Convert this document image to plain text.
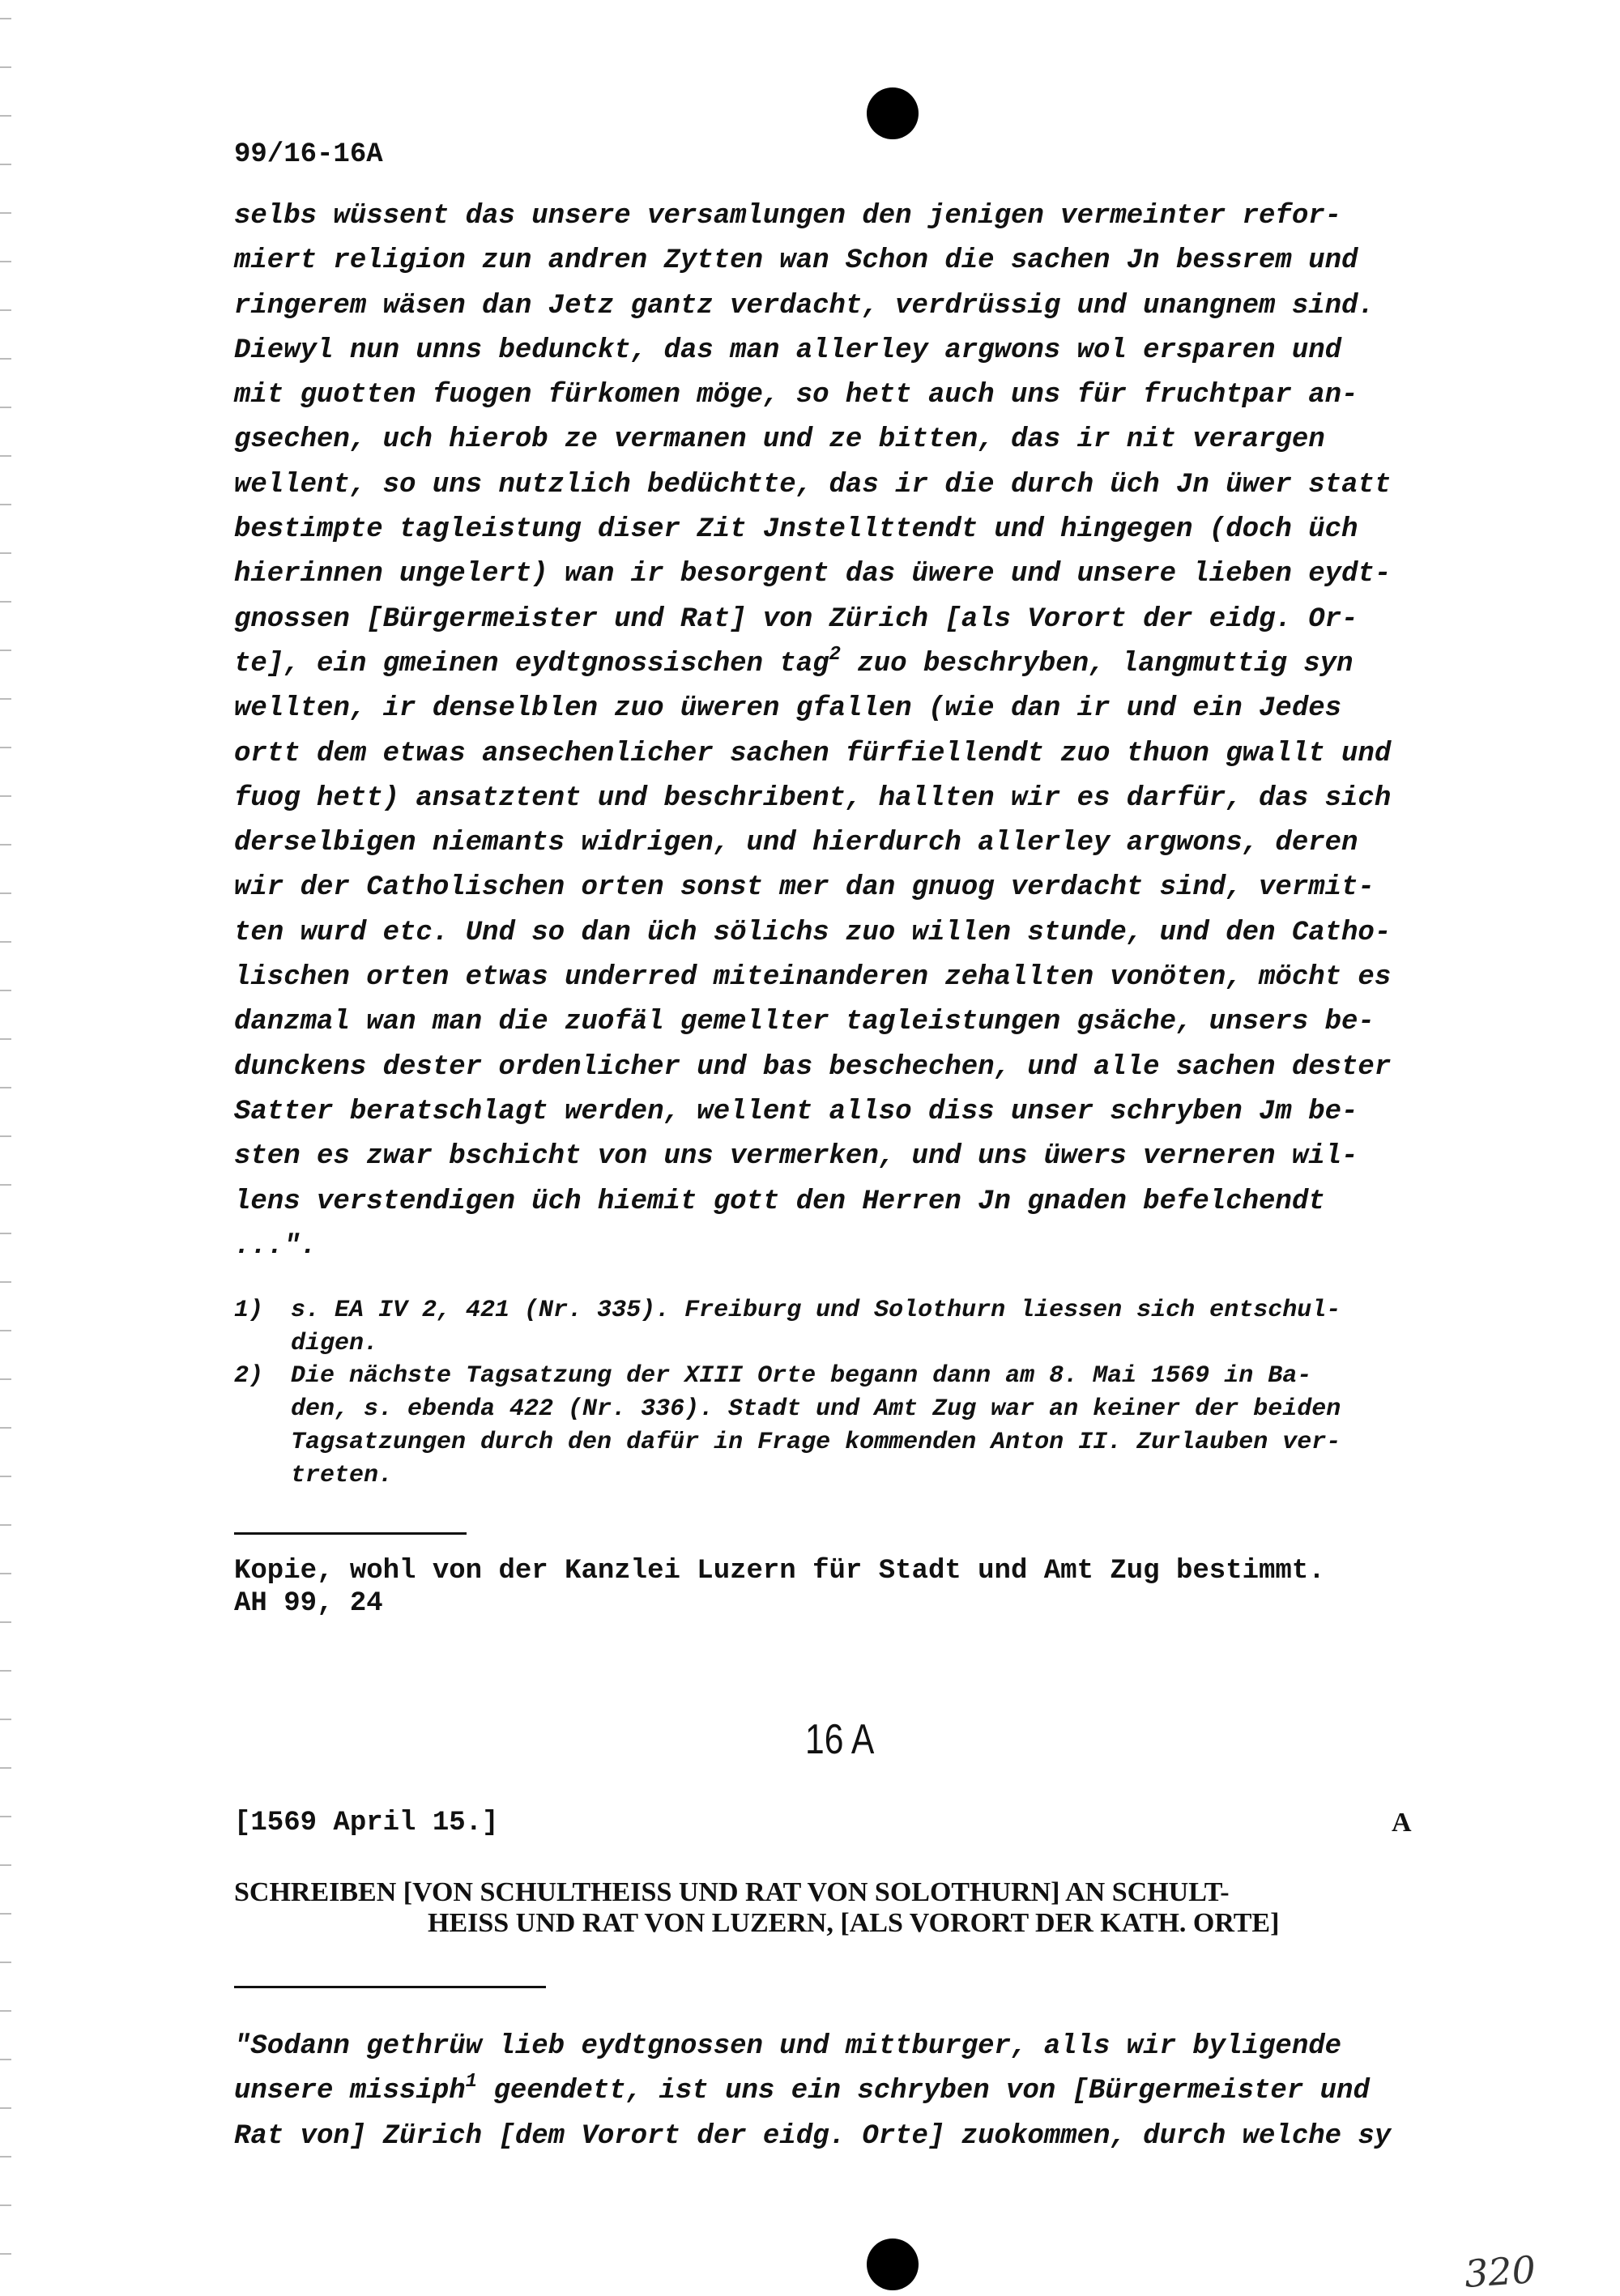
99/16-16A
selbs wüssent das unsere versamlungen den jenigen vermeinter refor-
miert religion zun andren Zytten wan Schon die sachen Jn bessrem und
ringerem wäsen dan Jetz gantz verdacht, verdrüssig und unangnem sind.
Diewyl nun unns bedunckt, das man allerley argwons wol ersparen und
mit guotten fuogen fürkomen möge, so hett auch uns für fruchtpar an-
gsechen, uch hierob ze vermanen und ze bitten, das ir nit verargen
wellent, so uns nutzlich bedüchtte, das ir die durch üch Jn üwer statt
bestimpte tagleistung diser Zit Jnstellttendt und hingegen (doch üch
hierinnen ungelert) wan ir besorgent das üwere und unsere lieben eydt-
gnossen [Bürgermeister und Rat] von Zürich [als Vorort der eidg. Or-
te], ein gmeinen eydtgnossischen tag$^2$ zuo beschryben, langmuttig syn
wellten, ir denselblen zuo üweren gfallen (wie dan ir und ein Jedes
ortt dem etwas ansechenlicher sachen fürfiellendt zuo thuon gwallt und
fuog hett) ansatztent und beschribent, hallten wir es darfür, das sich
derselbigen niemants widrigen, und hierdurch allerley argwons, deren
wir der Catholischen orten sonst mer dan gnuog verdacht sind, vermit-
ten wurd etc. Und so dan üch sölichs zuo willen stunde, und den Catho-
lischen orten etwas underred miteinanderen zehallten vonöten, möcht es
danzmal wan man die zuofäl gemellter tagleistungen gsäche, unsers be-
dunckens dester ordenlicher und bas beschechen, und alle sachen dester
Satter beratschlagt werden, wellent allso diss unser schryben Jm be-
sten es zwar bschicht von uns vermerken, und uns üwers verneren wil-
lens verstendigen üch hiemit gott den Herren Jn gnaden befelchendt
...".
1) s. EA IV 2, 421 (Nr. 335). Freiburg und Solothurn liessen sich entschul-
digen.
2) Die nächste Tagsatzung der XIII Orte begann dann am 8. Mai 1569 in Ba-
den, s. ebenda 422 (Nr. 336). Stadt und Amt Zug war an keiner der beiden
Tagsatzungen durch den dafür in Frage kommenden Anton II. Zurlauben ver-
treten.
Kopie, wohl von der Kanzlei Luzern für Stadt und Amt Zug bestimmt.
AH 99, 24
16 A
[1569 April 15.]	A
SCHREIBEN [VON SCHULTHEISS UND RAT VON SOLOTHURN] AN SCHULT-
HEISS UND RAT VON LUZERN, [ALS VORORT DER KATH. ORTE]
"Sodann gethrüw lieb eydtgnossen und mittburger, alls wir byligende
unsere missiph$^1$ geendett, ist uns ein schryben von [Bürgermeister und
Rat von] Zürich [dem Vorort der eidg. Orte] zuokommen, durch welche sy
320
